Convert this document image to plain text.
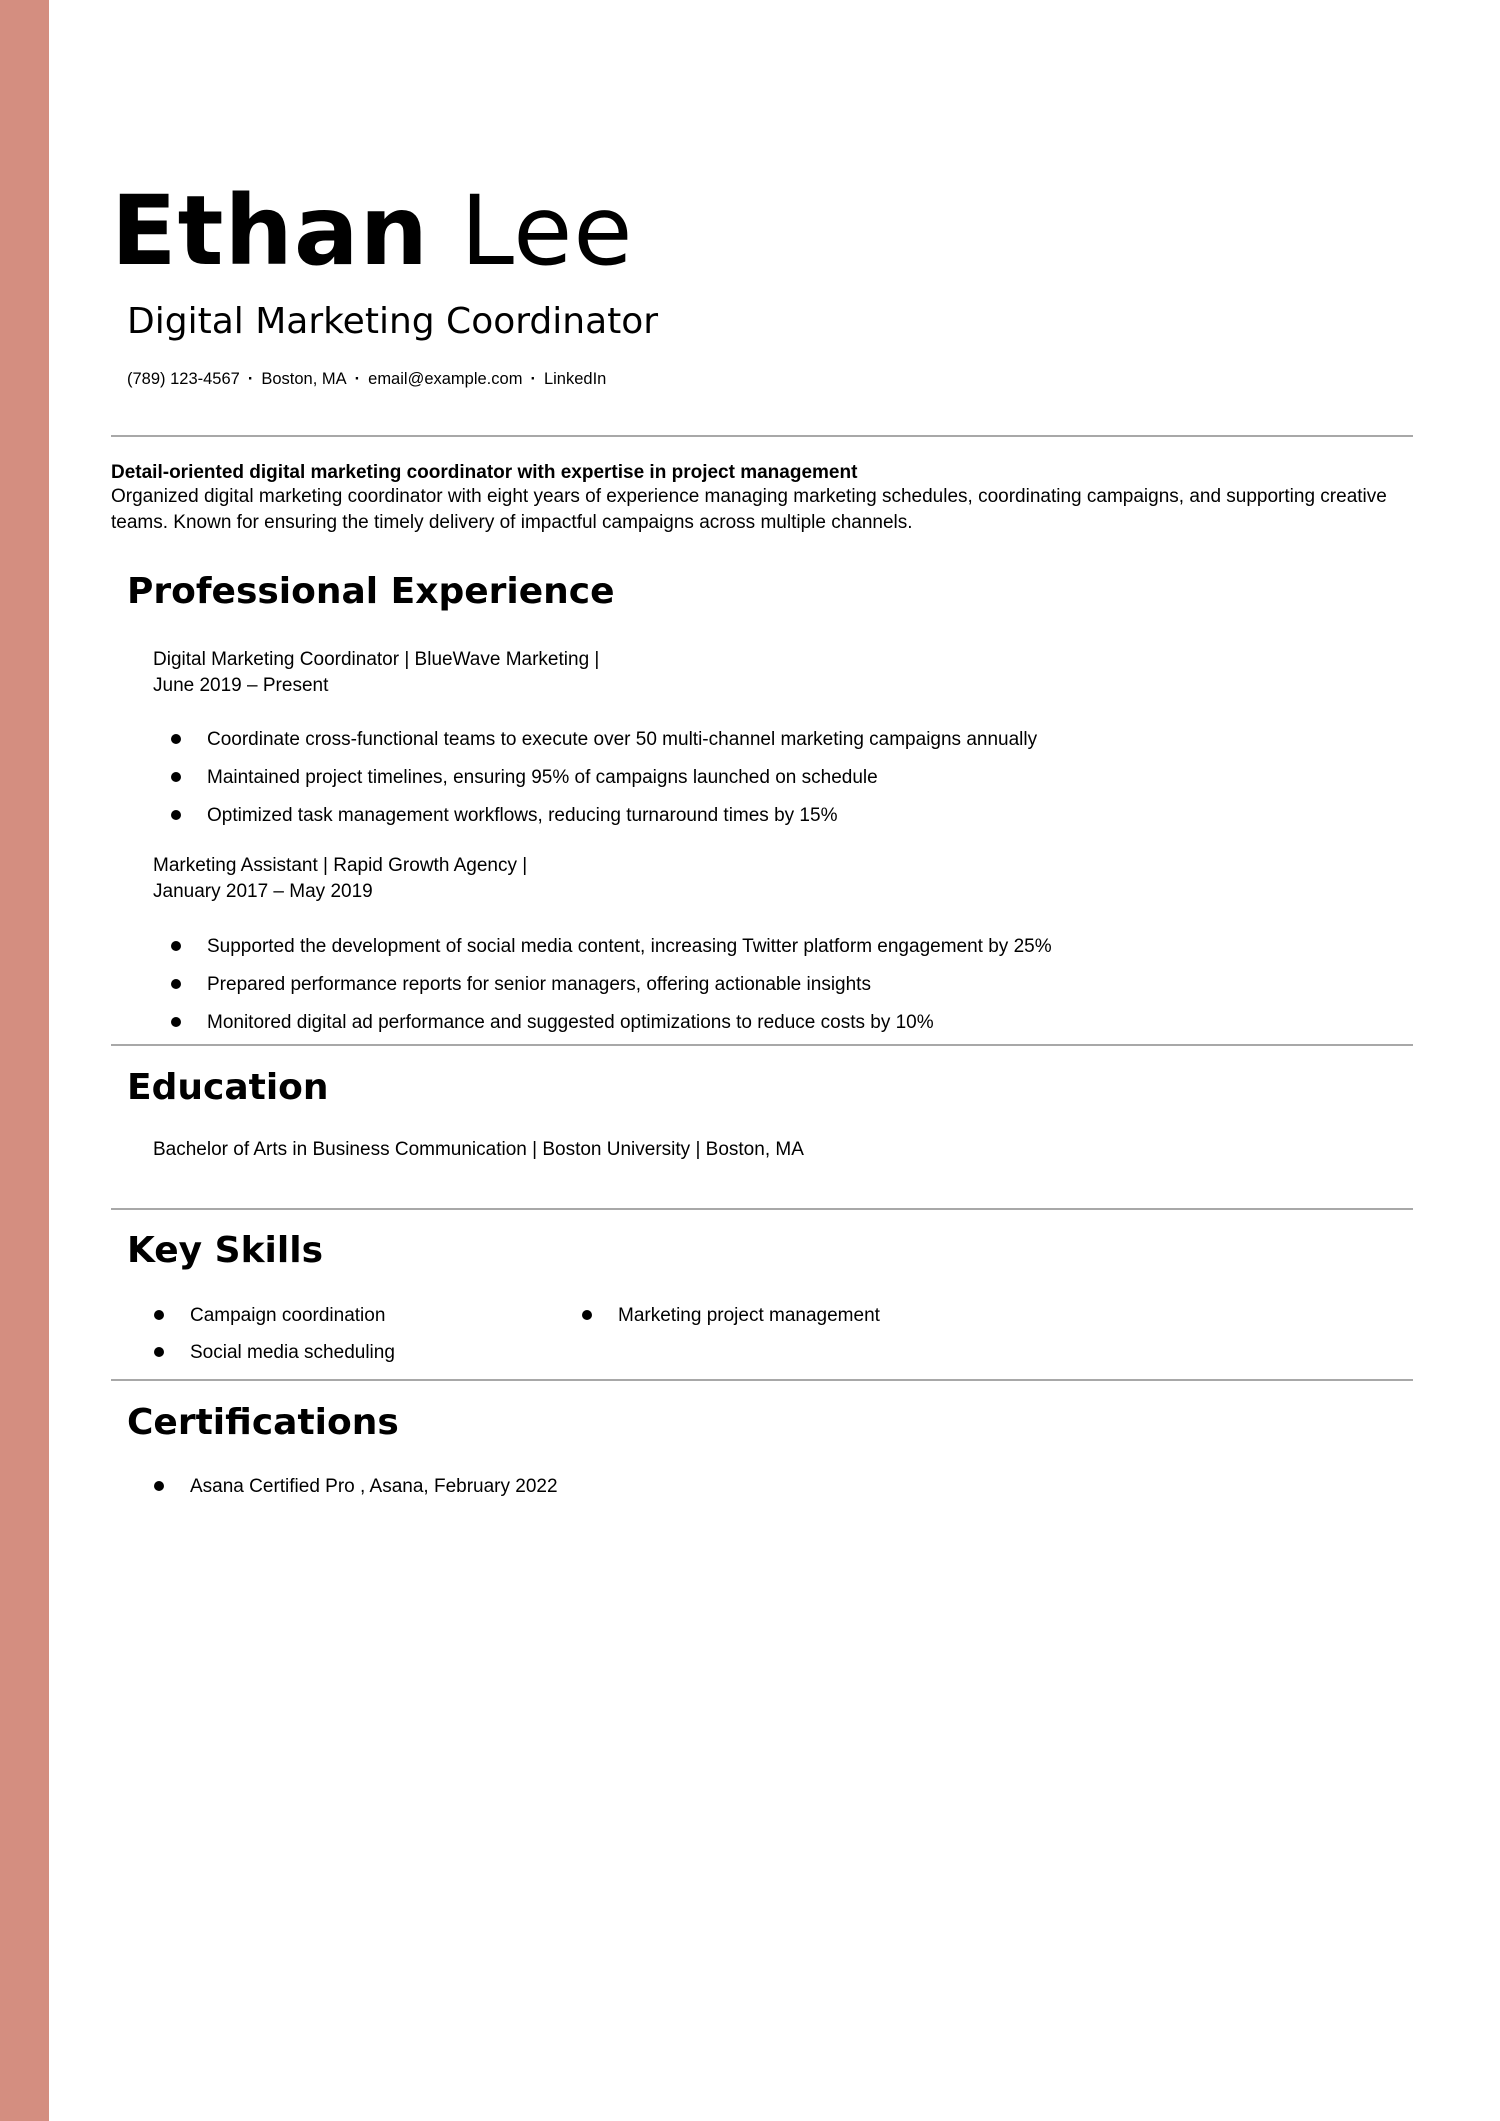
Ethan Lee
Digital Marketing Coordinator
(789) 123-4567 · Boston, MA · email@example.com · LinkedIn
Detail-oriented digital marketing coordinator with expertise in project management
Organized digital marketing coordinator with eight years of experience managing marketing schedules, coordinating campaigns, and supporting creative teams. Known for ensuring the timely delivery of impactful campaigns across multiple channels.
Professional Experience
Digital Marketing Coordinator | BlueWave Marketing |
June 2019 – Present
Coordinate cross-functional teams to execute over 50 multi-channel marketing campaigns annually
Maintained project timelines, ensuring 95% of campaigns launched on schedule
Optimized task management workflows, reducing turnaround times by 15%
Marketing Assistant | Rapid Growth Agency |
January 2017 – May 2019
Supported the development of social media content, increasing Twitter platform engagement by 25%
Prepared performance reports for senior managers, offering actionable insights
Monitored digital ad performance and suggested optimizations to reduce costs by 10%
Education
Bachelor of Arts in Business Communication | Boston University | Boston, MA
Key Skills
Campaign coordination
Social media scheduling
Marketing project management
Certifications
Asana Certified Pro , Asana, February 2022
